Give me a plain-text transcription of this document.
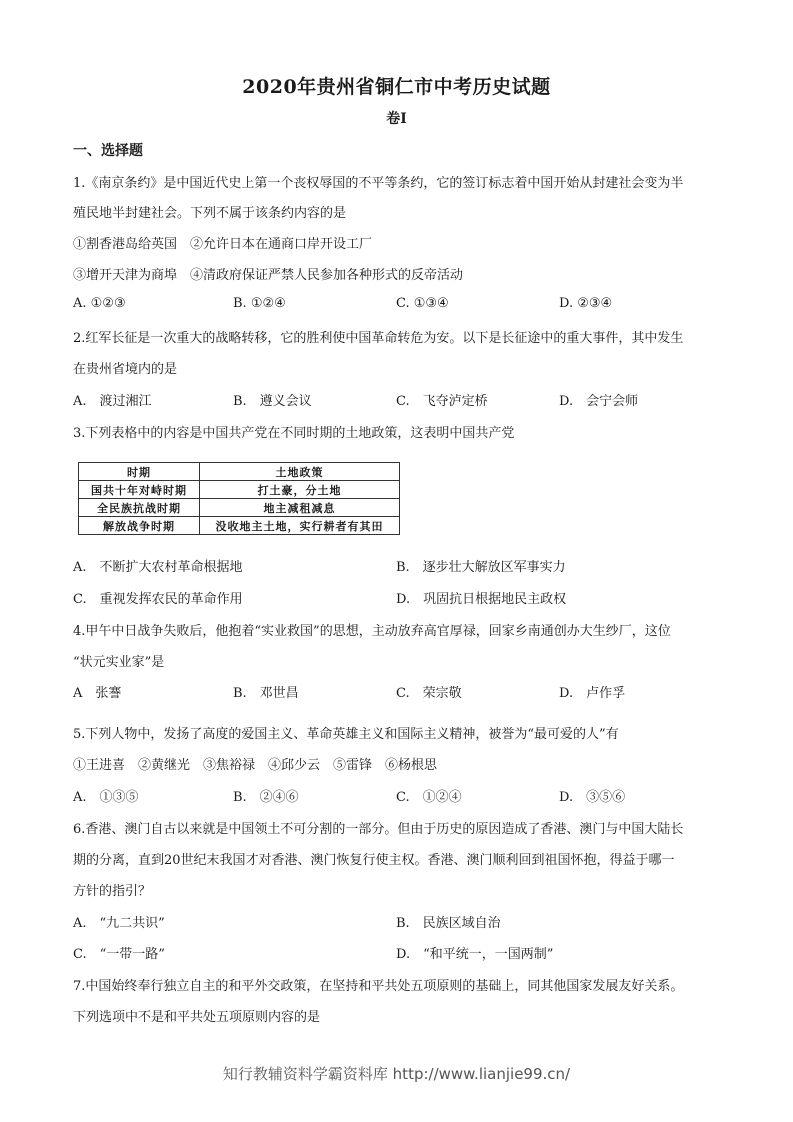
2020年贵州省铜仁市中考历史试题
卷I
一、选择题
1.《南京条约》是中国近代史上第一个丧权辱国的不平等条约，它的签订标志着中国开始从封建社会变为半
殖民地半封建社会。下列不属于该条约内容的是
①割香港岛给英国　②允许日本在通商口岸开设工厂
③增开天津为商埠　④清政府保证严禁人民参加各种形式的反帝活动
A. ①②③	B. ①②④	C. ①③④	D. ②③④
2.红军长征是一次重大的战略转移，它的胜利使中国革命转危为安。以下是长征途中的重大事件，其中发生
在贵州省境内的是
A.　渡过湘江	B.　遵义会议	C.　飞夺泸定桥	D.　会宁会师
3.下列表格中的内容是中国共产党在不同时期的土地政策，这表明中国共产党
时期	土地政策
国共十年对峙时期	打土豪，分土地
全民族抗战时期	地主减租减息
解放战争时期	没收地主土地，实行耕者有其田
A.　不断扩大农村革命根据地	B.　逐步壮大解放区军事实力
C.　重视发挥农民的革命作用	D.　巩固抗日根据地民主政权
4.甲午中日战争失败后，他抱着“实业救国”的思想，主动放弃高官厚禄，回家乡南通创办大生纱厂，这位
“状元实业家”是
A　张謇	B.　邓世昌	C.　荣宗敬	D.　卢作孚
5.下列人物中，发扬了高度的爱国主义、革命英雄主义和国际主义精神，被誉为“最可爱的人”有
①王进喜　②黄继光　③焦裕禄　④邱少云　⑤雷锋　⑥杨根思
A.　①③⑤	B.　②④⑥	C.　①②④	D.　③⑤⑥
6.香港、澳门自古以来就是中国领土不可分割的一部分。但由于历史的原因造成了香港、澳门与中国大陆长
期的分离，直到20世纪末我国才对香港、澳门恢复行使主权。香港、澳门顺利回到祖国怀抱，得益于哪一
方针的指引？
A.　“九二共识”	B.　民族区域自治
C.　“一带一路”	D.　“和平统一，一国两制”
7.中国始终奉行独立自主的和平外交政策，在坚持和平共处五项原则的基础上，同其他国家发展友好关系。
下列选项中不是和平共处五项原则内容的是
知行教辅资料学霸资料库 http://www.lianjie99.cn/
